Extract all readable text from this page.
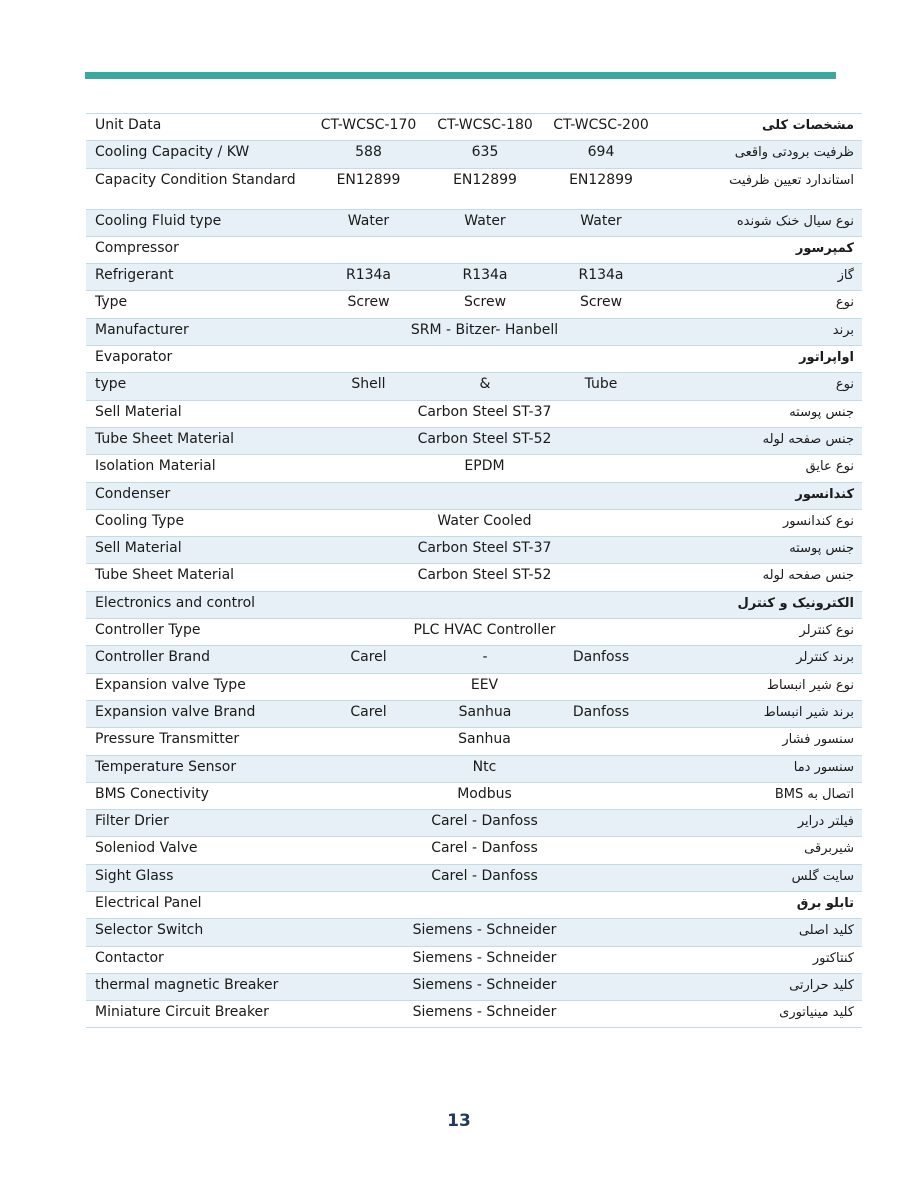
Unit Data	CT-WCSC-170	CT-WCSC-180	CT-WCSC-200	مشخصات کلی
Cooling Capacity / KW	588	635	694	ظرفیت برودتی واقعی
Capacity Condition Standard	EN12899	EN12899	EN12899	استاندارد تعیین ظرفیت
Cooling Fluid type	Water	Water	Water	نوع سیال خنک شونده
Compressor	کمپرسور
Refrigerant	R134a	R134a	R134a	گاز
Type	Screw	Screw	Screw	نوع
Manufacturer	SRM - Bitzer- Hanbell	برند
Evaporator	اواپراتور
type	Shell	&	Tube	نوع
Sell Material	Carbon Steel ST-37	جنس پوسته
Tube Sheet Material	Carbon Steel ST-52	جنس صفحه لوله
Isolation Material	EPDM	نوع عایق
Condenser	کندانسور
Cooling Type	Water Cooled	نوع کندانسور
Sell Material	Carbon Steel ST-37	جنس پوسته
Tube Sheet Material	Carbon Steel ST-52	جنس صفحه لوله
Electronics and control	الکترونیک و کنترل
Controller Type	PLC HVAC Controller	نوع کنترلر
Controller Brand	Carel	-	Danfoss	برند کنترلر
Expansion valve Type	EEV	نوع شیر انبساط
Expansion valve Brand	Carel	Sanhua	Danfoss	برند شیر انبساط
Pressure Transmitter	Sanhua	سنسور فشار
Temperature Sensor	Ntc	سنسور دما
BMS Conectivity	Modbus	اتصال به BMS
Filter Drier	Carel - Danfoss	فیلتر درایر
Soleniod Valve	Carel - Danfoss	شیربرقی
Sight Glass	Carel - Danfoss	سایت گلس
Electrical Panel	تابلو برق
Selector Switch	Siemens - Schneider	کلید اصلی
Contactor	Siemens - Schneider	کنتاکتور
thermal magnetic Breaker	Siemens - Schneider	کلید حرارتی
Miniature Circuit Breaker	Siemens - Schneider	کلید مینیاتوری
13
